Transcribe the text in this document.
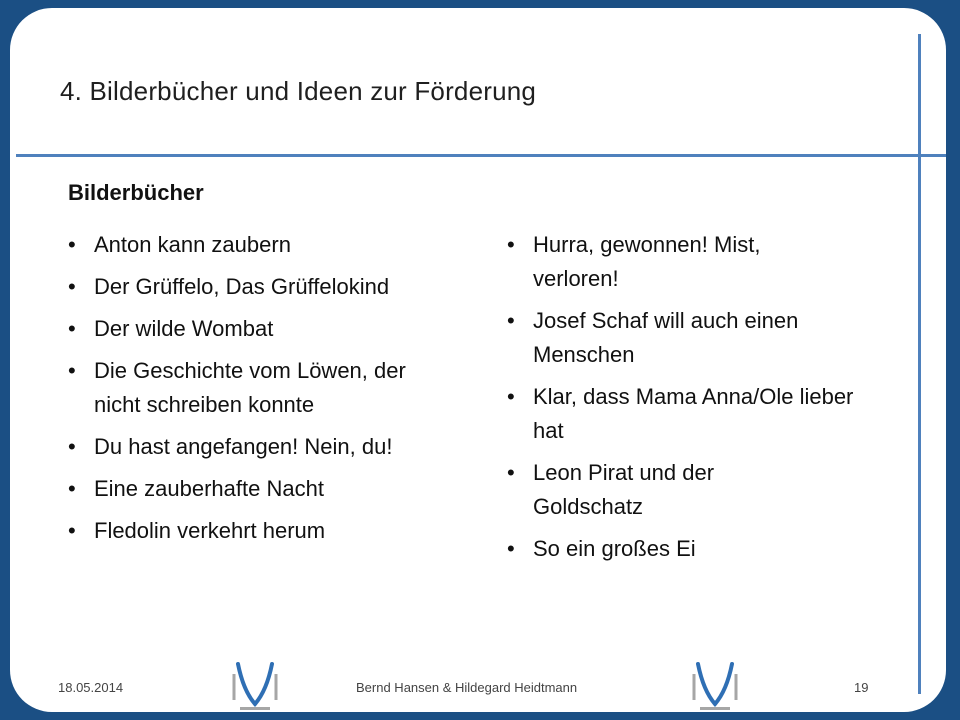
4. Bilderbücher und Ideen zur Förderung
Bilderbücher
• Anton kann zaubern
• Der Grüffelo, Das Grüffelokind
• Der wilde Wombat
• Die Geschichte vom Löwen, der nicht schreiben konnte
• Du hast angefangen! Nein, du!
• Eine zauberhafte Nacht
• Fledolin verkehrt herum
• Hurra, gewonnen! Mist, verloren!
• Josef Schaf will auch einen Menschen
• Klar, dass Mama Anna/Ole lieber hat
• Leon Pirat und der Goldschatz
• So ein großes Ei
18.05.2014	Bernd Hansen & Hildegard Heidtmann	19
